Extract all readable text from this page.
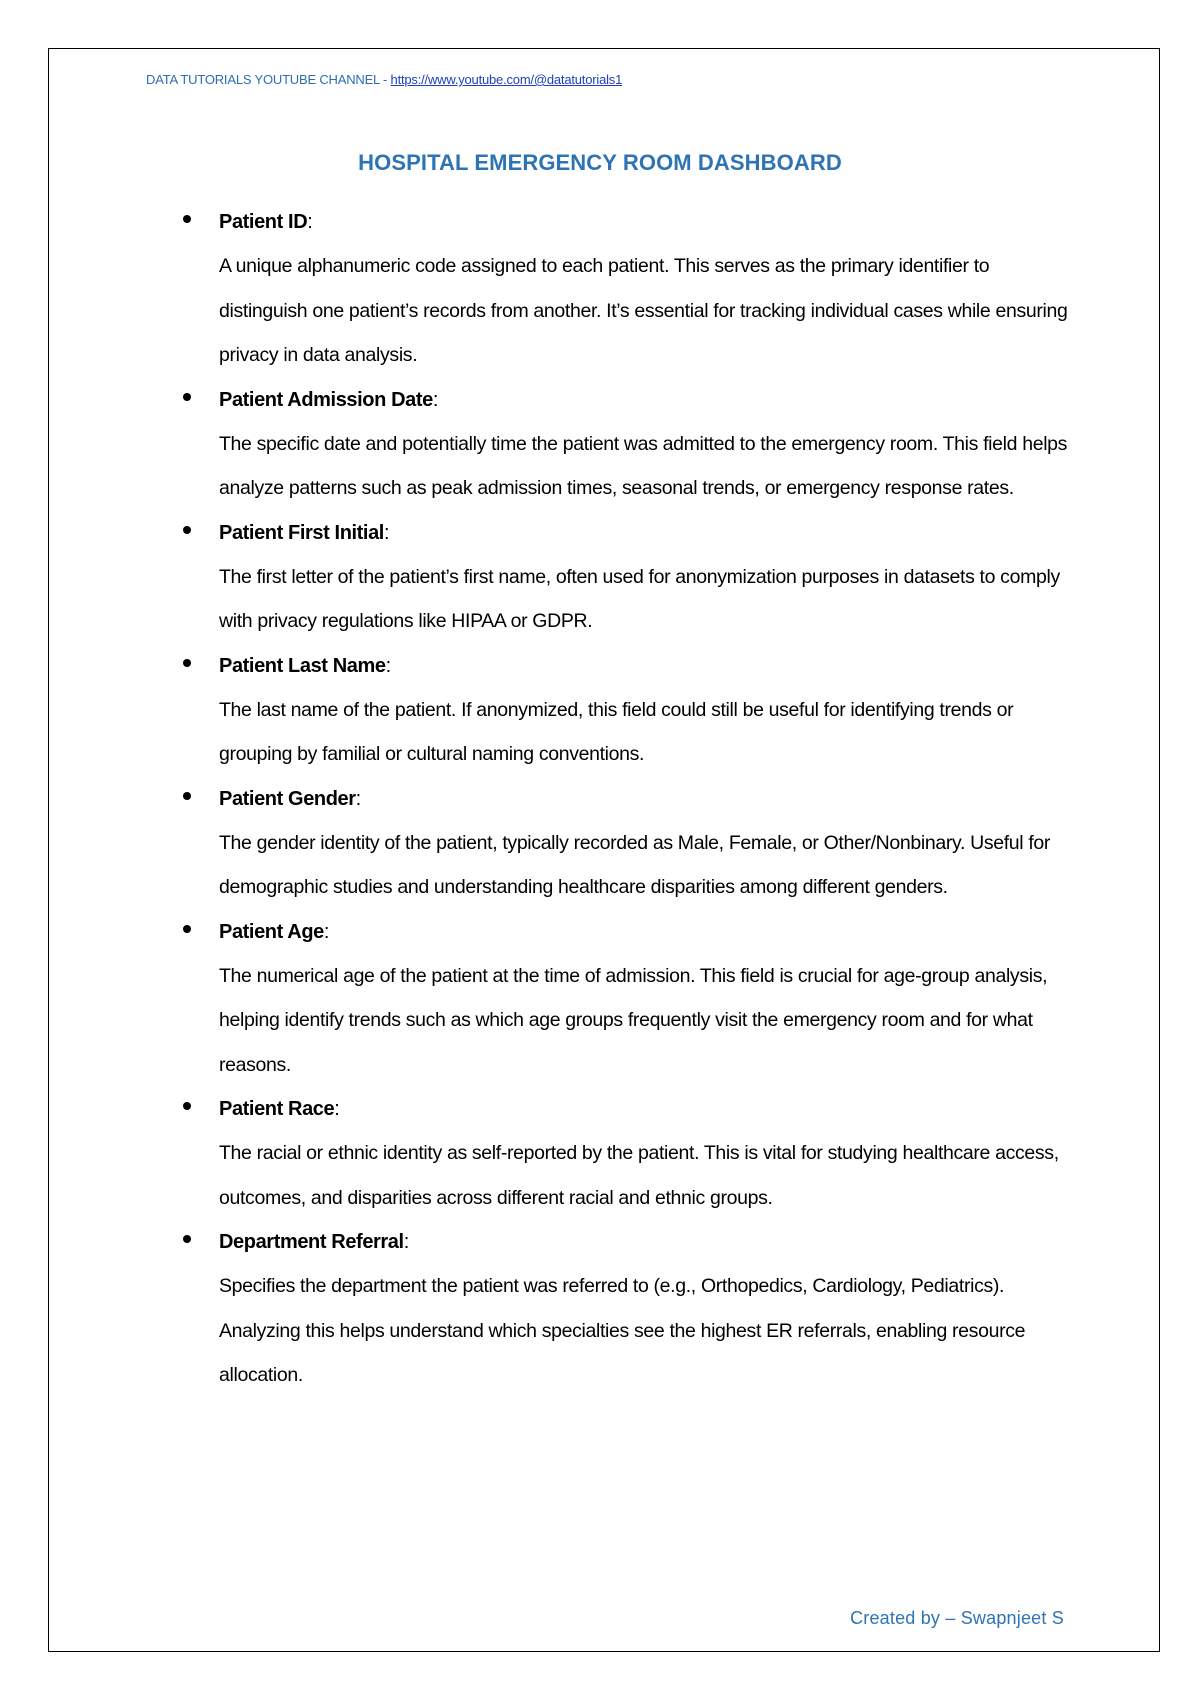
DATA TUTORIALS YOUTUBE CHANNEL - https://www.youtube.com/@datatutorials1
HOSPITAL EMERGENCY ROOM DASHBOARD
Patient ID :

A unique alphanumeric code assigned to each patient. This serves as the primary identifier to distinguish one patient’s records from another. It’s essential for tracking individual cases while ensuring privacy in data analysis.

Patient Admission Date :

The specific date and potentially time the patient was admitted to the emergency room. This field helps analyze patterns such as peak admission times, seasonal trends, or emergency response rates.

Patient First Initial :

The first letter of the patient’s first name, often used for anonymization purposes in datasets to comply with privacy regulations like HIPAA or GDPR.

Patient Last Name :

The last name of the patient. If anonymized, this field could still be useful for identifying trends or grouping by familial or cultural naming conventions.

Patient Gender :

The gender identity of the patient, typically recorded as Male, Female, or Other/Nonbinary. Useful for demographic studies and understanding healthcare disparities among different genders.

Patient Age :

The numerical age of the patient at the time of admission. This field is crucial for age-group analysis, helping identify trends such as which age groups frequently visit the emergency room and for what reasons.

Patient Race :

The racial or ethnic identity as self-reported by the patient. This is vital for studying healthcare access, outcomes, and disparities across different racial and ethnic groups.

Department Referral :

Specifies the department the patient was referred to (e.g., Orthopedics, Cardiology, Pediatrics). Analyzing this helps understand which specialties see the highest ER referrals, enabling resource allocation.

Created by – Swapnjeet S
